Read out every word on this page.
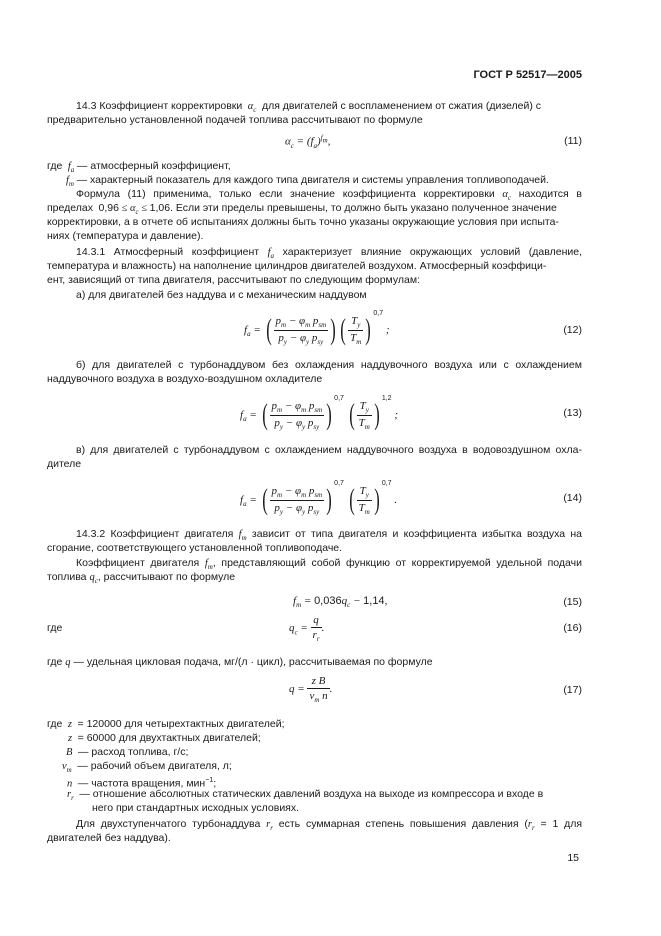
ГОСТ Р 52517—2005
14.3 Коэффициент корректировки  $\alpha_c$ для двигателей с воспламенением от сжатия (дизелей) с
предварительно установленной подачей топлива рассчитывают по формуле
$\alpha_c = (f_a)^{f_m}$,	(11)
где  $f_a$ — атмосферный коэффициент,
$f_m$ — характерный показатель для каждого типа двигателя и системы управления топливоподачей.
Формула (11) применима, только если значение коэффициента корректировки $\alpha_c$ находится в
пределах $0,96 \le \alpha_c \le 1,06$. Если эти пределы превышены, то должно быть указано полученное значение
корректировки, а в отчете об испытаниях должны быть точно указаны окружающие условия при испыта-
ниях (температура и давление).
14.3.1 Атмосферный коэффициент $f_a$ характеризует влияние окружающих условий (давление,
температура и влажность) на наполнение цилиндров двигателей воздухом. Атмосферный коэффици-
ент, зависящий от типа двигателя, рассчитывают по следующим формулам:
а) для двигателей без наддува и с механическим наддувом
$f_a$ = ( $\frac{p_т - \varphi_т p_{sт}}{p_у - \varphi_у p_{sу}}$ ) ( $\frac{T_у}{T_т}$ ) $^{0,7}$ ;	(12)
б) для двигателей с турбонаддувом без охлаждения наддувочного воздуха или с охлаждением
наддувочного воздуха в воздухо-воздушном охладителе
$f_a$ = ( $\frac{p_т - \varphi_т p_{sт}}{p_у - \varphi_у p_{sу}}$ ) $^{0,7}$ ( $\frac{T_у}{T_т}$ ) $^{1,2}$ ;	(13)
в) для двигателей с турбонаддувом с охлаждением наддувочного воздуха в водовоздушном охла-
дителе
$f_a$ = ( $\frac{p_т - \varphi_т p_{sт}}{p_у - \varphi_у p_{sу}}$ ) $^{0,7}$ ( $\frac{T_у}{T_т}$ ) $^{0,7}$ .	(14)
14.3.2 Коэффициент двигателя $f_m$ зависит от типа двигателя и коэффициента избытка воздуха на
сгорание, соответствующего установленной топливоподаче.
Коэффициент двигателя $f_m$, представляющий собой функцию от корректируемой удельной подачи
топлива $q_c$, рассчитывают по формуле
$f_m = 0,036q_c - 1,14$,	(15)
где	$q_c = \frac{q}{r_r}$ .	(16)
где q — удельная цикловая подача, мг/(л · цикл), рассчитываемая по формуле
$q = \frac{\text{z B}}{v_m n}$ .	(17)
где  z  = 120000 для четырехтактных двигателей;
z  = 60000 для двухтактных двигателей;
B  — расход топлива, г/с;
$v_m$ — рабочий объем двигателя, л;
n  — частота вращения, мин$^{-1}$;
$r_r$ — отношение абсолютных статических давлений воздуха на выходе из компрессора и входе в
него при стандартных исходных условиях.
Для двухступенчатого турбонаддува $r_r$ есть суммарная степень повышения давления ($r_r = 1$ для
двигателей без наддува).
15
